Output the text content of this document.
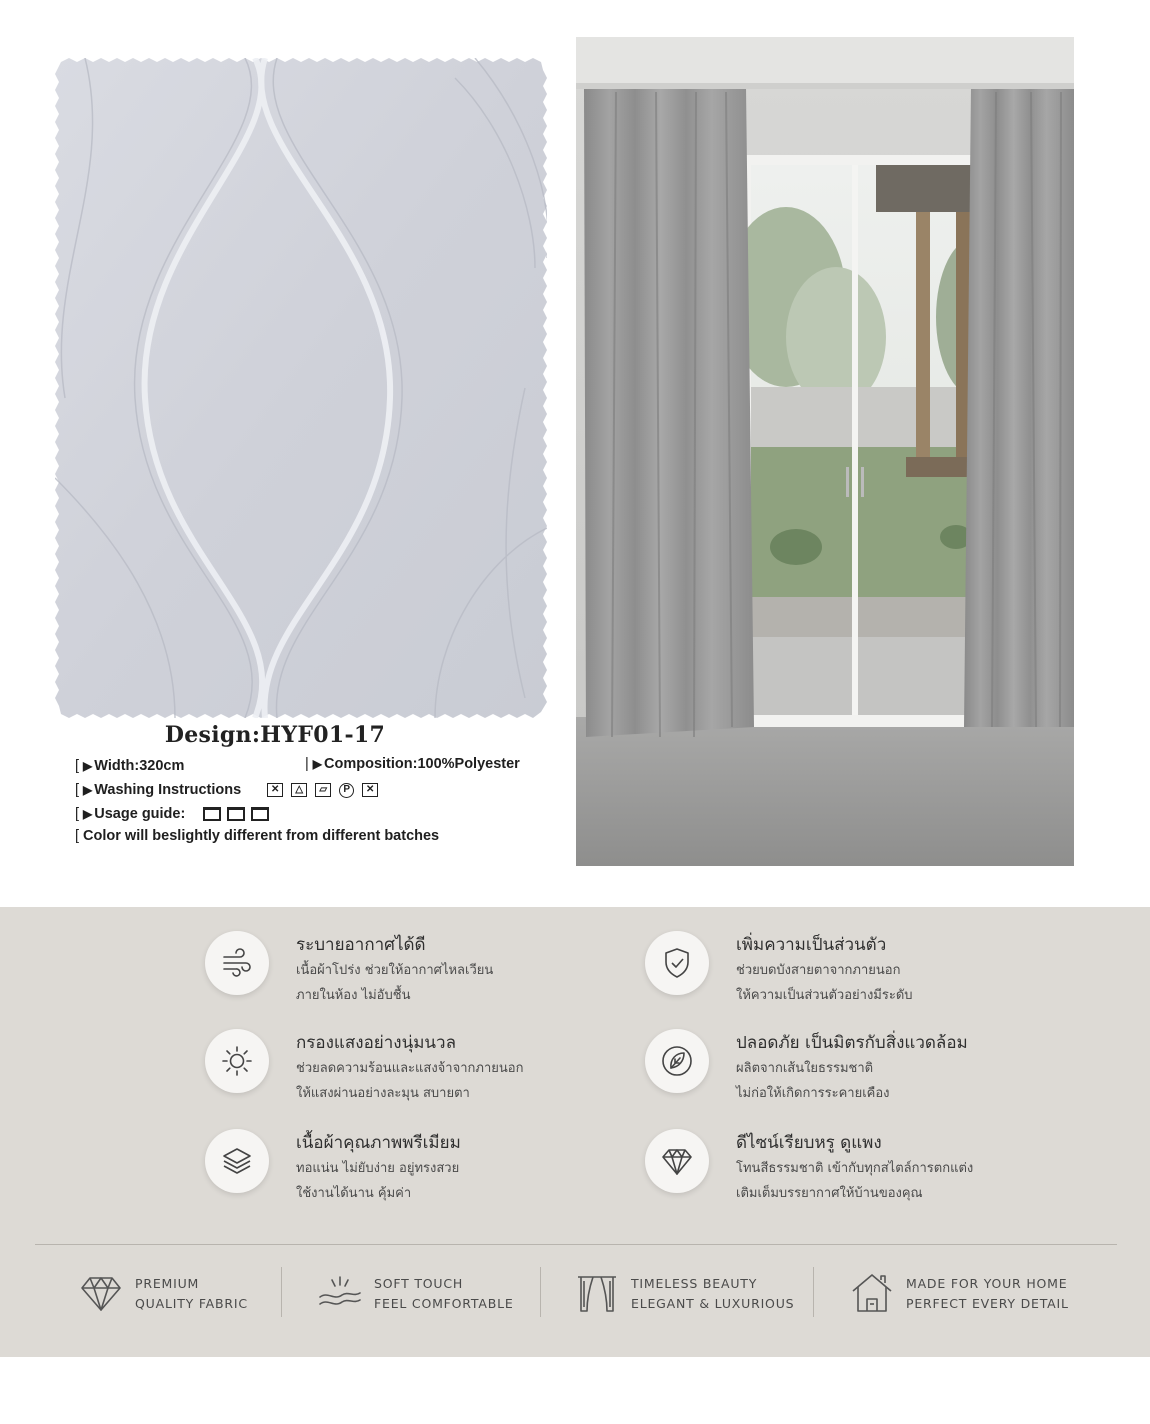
Design:HYF01-17
[ ▶ Width:320cm	| ▶ Composition:100%Polyester
[ ▶ Washing Instructions	✕	△	▱	P	✕
[ ▶ Usage guide:
[ Color will beslightly different from different batches
ระบายอากาศได้ดี
เนื้อผ้าโปร่ง ช่วยให้อากาศไหลเวียน
ภายในห้อง ไม่อับชื้น
เพิ่มความเป็นส่วนตัว
ช่วยบดบังสายตาจากภายนอก
ให้ความเป็นส่วนตัวอย่างมีระดับ
กรองแสงอย่างนุ่มนวล
ช่วยลดความร้อนและแสงจ้าจากภายนอก
ให้แสงผ่านอย่างละมุน สบายตา
ปลอดภัย เป็นมิตรกับสิ่งแวดล้อม
ผลิตจากเส้นใยธรรมชาติ
ไม่ก่อให้เกิดการระคายเคือง
เนื้อผ้าคุณภาพพรีเมียม
ทอแน่น ไม่ยับง่าย อยู่ทรงสวย
ใช้งานได้นาน คุ้มค่า
ดีไซน์เรียบหรู ดูแพง
โทนสีธรรมชาติ เข้ากับทุกสไตล์การตกแต่ง
เติมเต็มบรรยากาศให้บ้านของคุณ
PREMIUM
QUALITY FABRIC
SOFT TOUCH
FEEL COMFORTABLE
TIMELESS BEAUTY
ELEGANT & LUXURIOUS
MADE FOR YOUR HOME
PERFECT EVERY DETAIL
